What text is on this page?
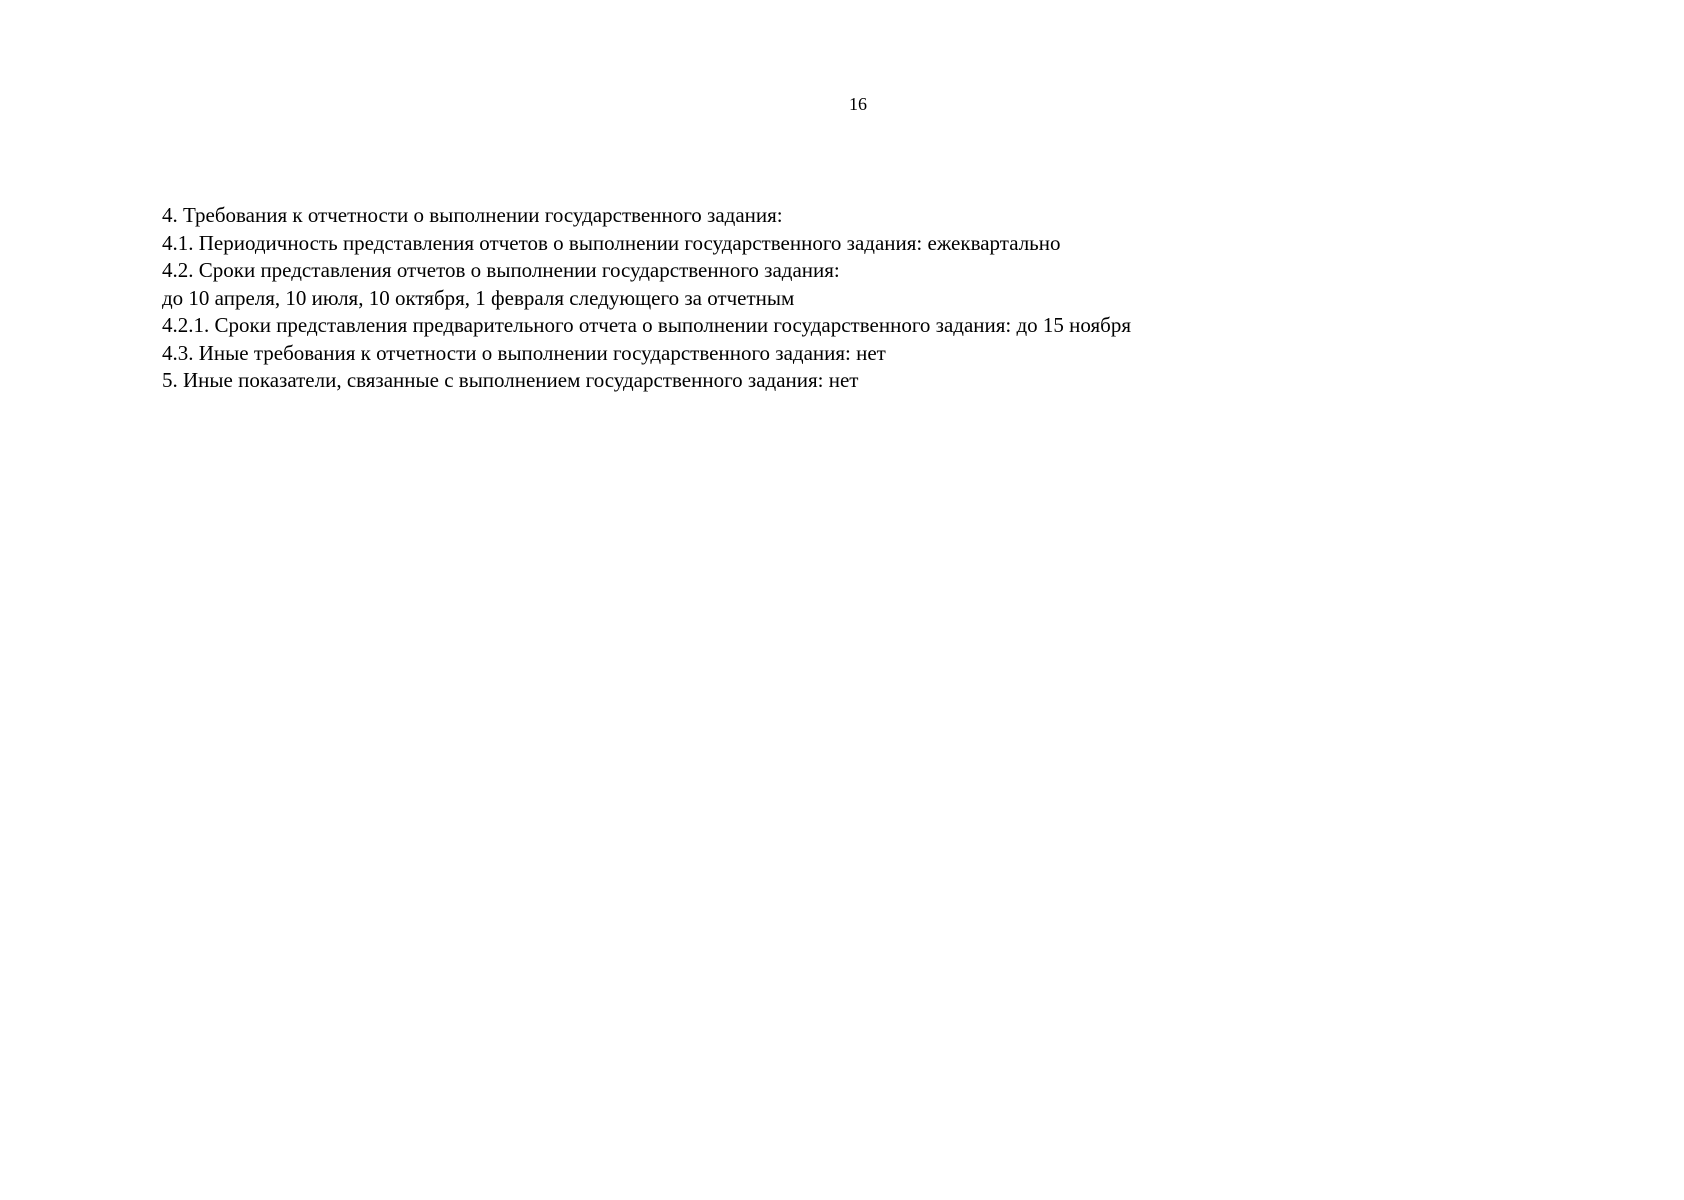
16
4. Требования к отчетности о выполнении государственного задания:
4.1. Периодичность представления отчетов о выполнении государственного задания: ежеквартально
4.2. Сроки представления отчетов о выполнении государственного задания:
до 10 апреля, 10 июля, 10 октября, 1 февраля следующего за отчетным
4.2.1. Сроки представления предварительного отчета о выполнении государственного задания: до 15 ноября
4.3. Иные требования к отчетности о выполнении государственного задания: нет
5. Иные показатели, связанные с выполнением государственного задания: нет
